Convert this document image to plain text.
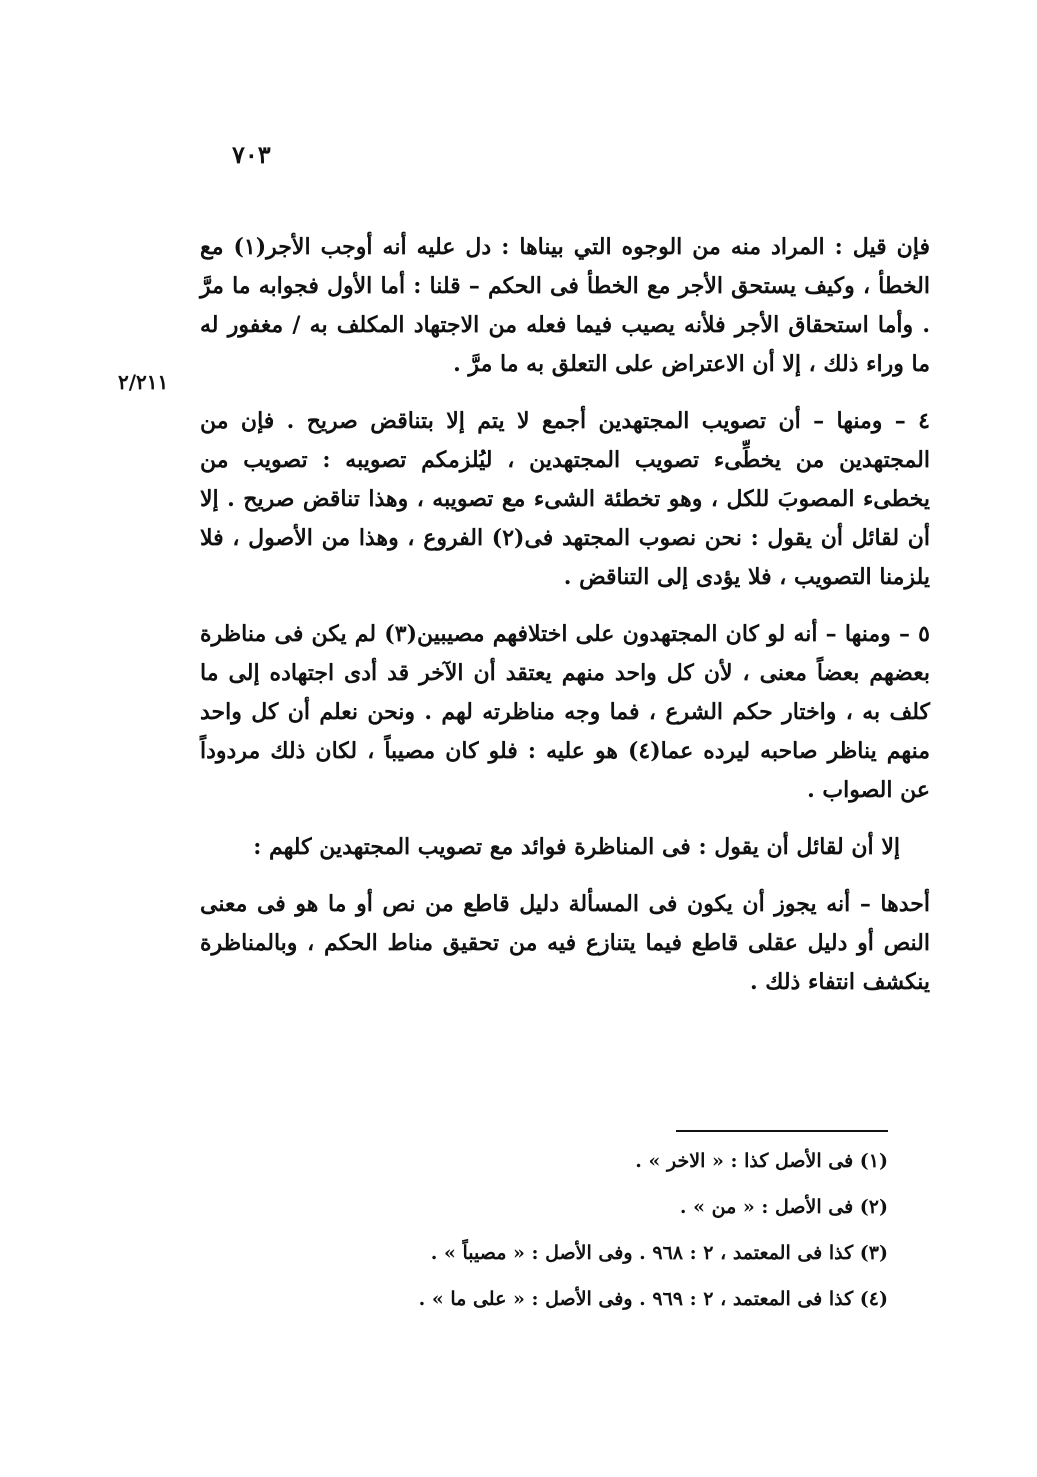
٧٠٣
٢/٢١١

فإن قيل : المراد منه من الوجوه التي بيناها : دل عليه أنه أوجب الأجر(١) مع الخطأ ، وكيف يستحق الأجر مع الخطأ فى الحكم – قلنا : أما الأول فجوابه ما مرَّ . وأما استحقاق الأجر فلأنه يصيب فيما فعله من الاجتهاد المكلف به / مغفور له ما وراء ذلك ، إلا أن الاعتراض على التعلق به ما مرَّ .

٤ – ومنها – أن تصويب المجتهدين أجمع لا يتم إلا بتناقض صريح . فإن من المجتهدين من يخطِّىء تصويب المجتهدين ، ليُلزمكم تصويبه : تصويب من يخطىء المصوبَ للكل ، وهو تخطئة الشىء مع تصويبه ، وهذا تناقض صريح . إلا أن لقائل أن يقول : نحن نصوب المجتهد فى(٢) الفروع ، وهذا من الأصول ، فلا يلزمنا التصويب ، فلا يؤدى إلى التناقض .

٥ – ومنها – أنه لو كان المجتهدون على اختلافهم مصيبين(٣) لم يكن فى مناظرة بعضهم بعضاً معنى ، لأن كل واحد منهم يعتقد أن الآخر قد أدى اجتهاده إلى ما كلف به ، واختار حكم الشرع ، فما وجه مناظرته لهم . ونحن نعلم أن كل واحد منهم يناظر صاحبه ليرده عما(٤) هو عليه : فلو كان مصيباً ، لكان ذلك مردوداً عن الصواب .

إلا أن لقائل أن يقول : فى المناظرة فوائد مع تصويب المجتهدين كلهم :

أحدها – أنه يجوز أن يكون فى المسألة دليل قاطع من نص أو ما هو فى معنى النص أو دليل عقلى قاطع فيما يتنازع فيه من تحقيق مناط الحكم ، وبالمناظرة ينكشف انتفاء ذلك .

(١) فى الأصل كذا : « الاخر » .
(٢) فى الأصل : « من » .
(٣) كذا فى المعتمد ، ٢ : ٩٦٨ . وفى الأصل : « مصيباً » .
(٤) كذا فى المعتمد ، ٢ : ٩٦٩ . وفى الأصل : « على ما » .
